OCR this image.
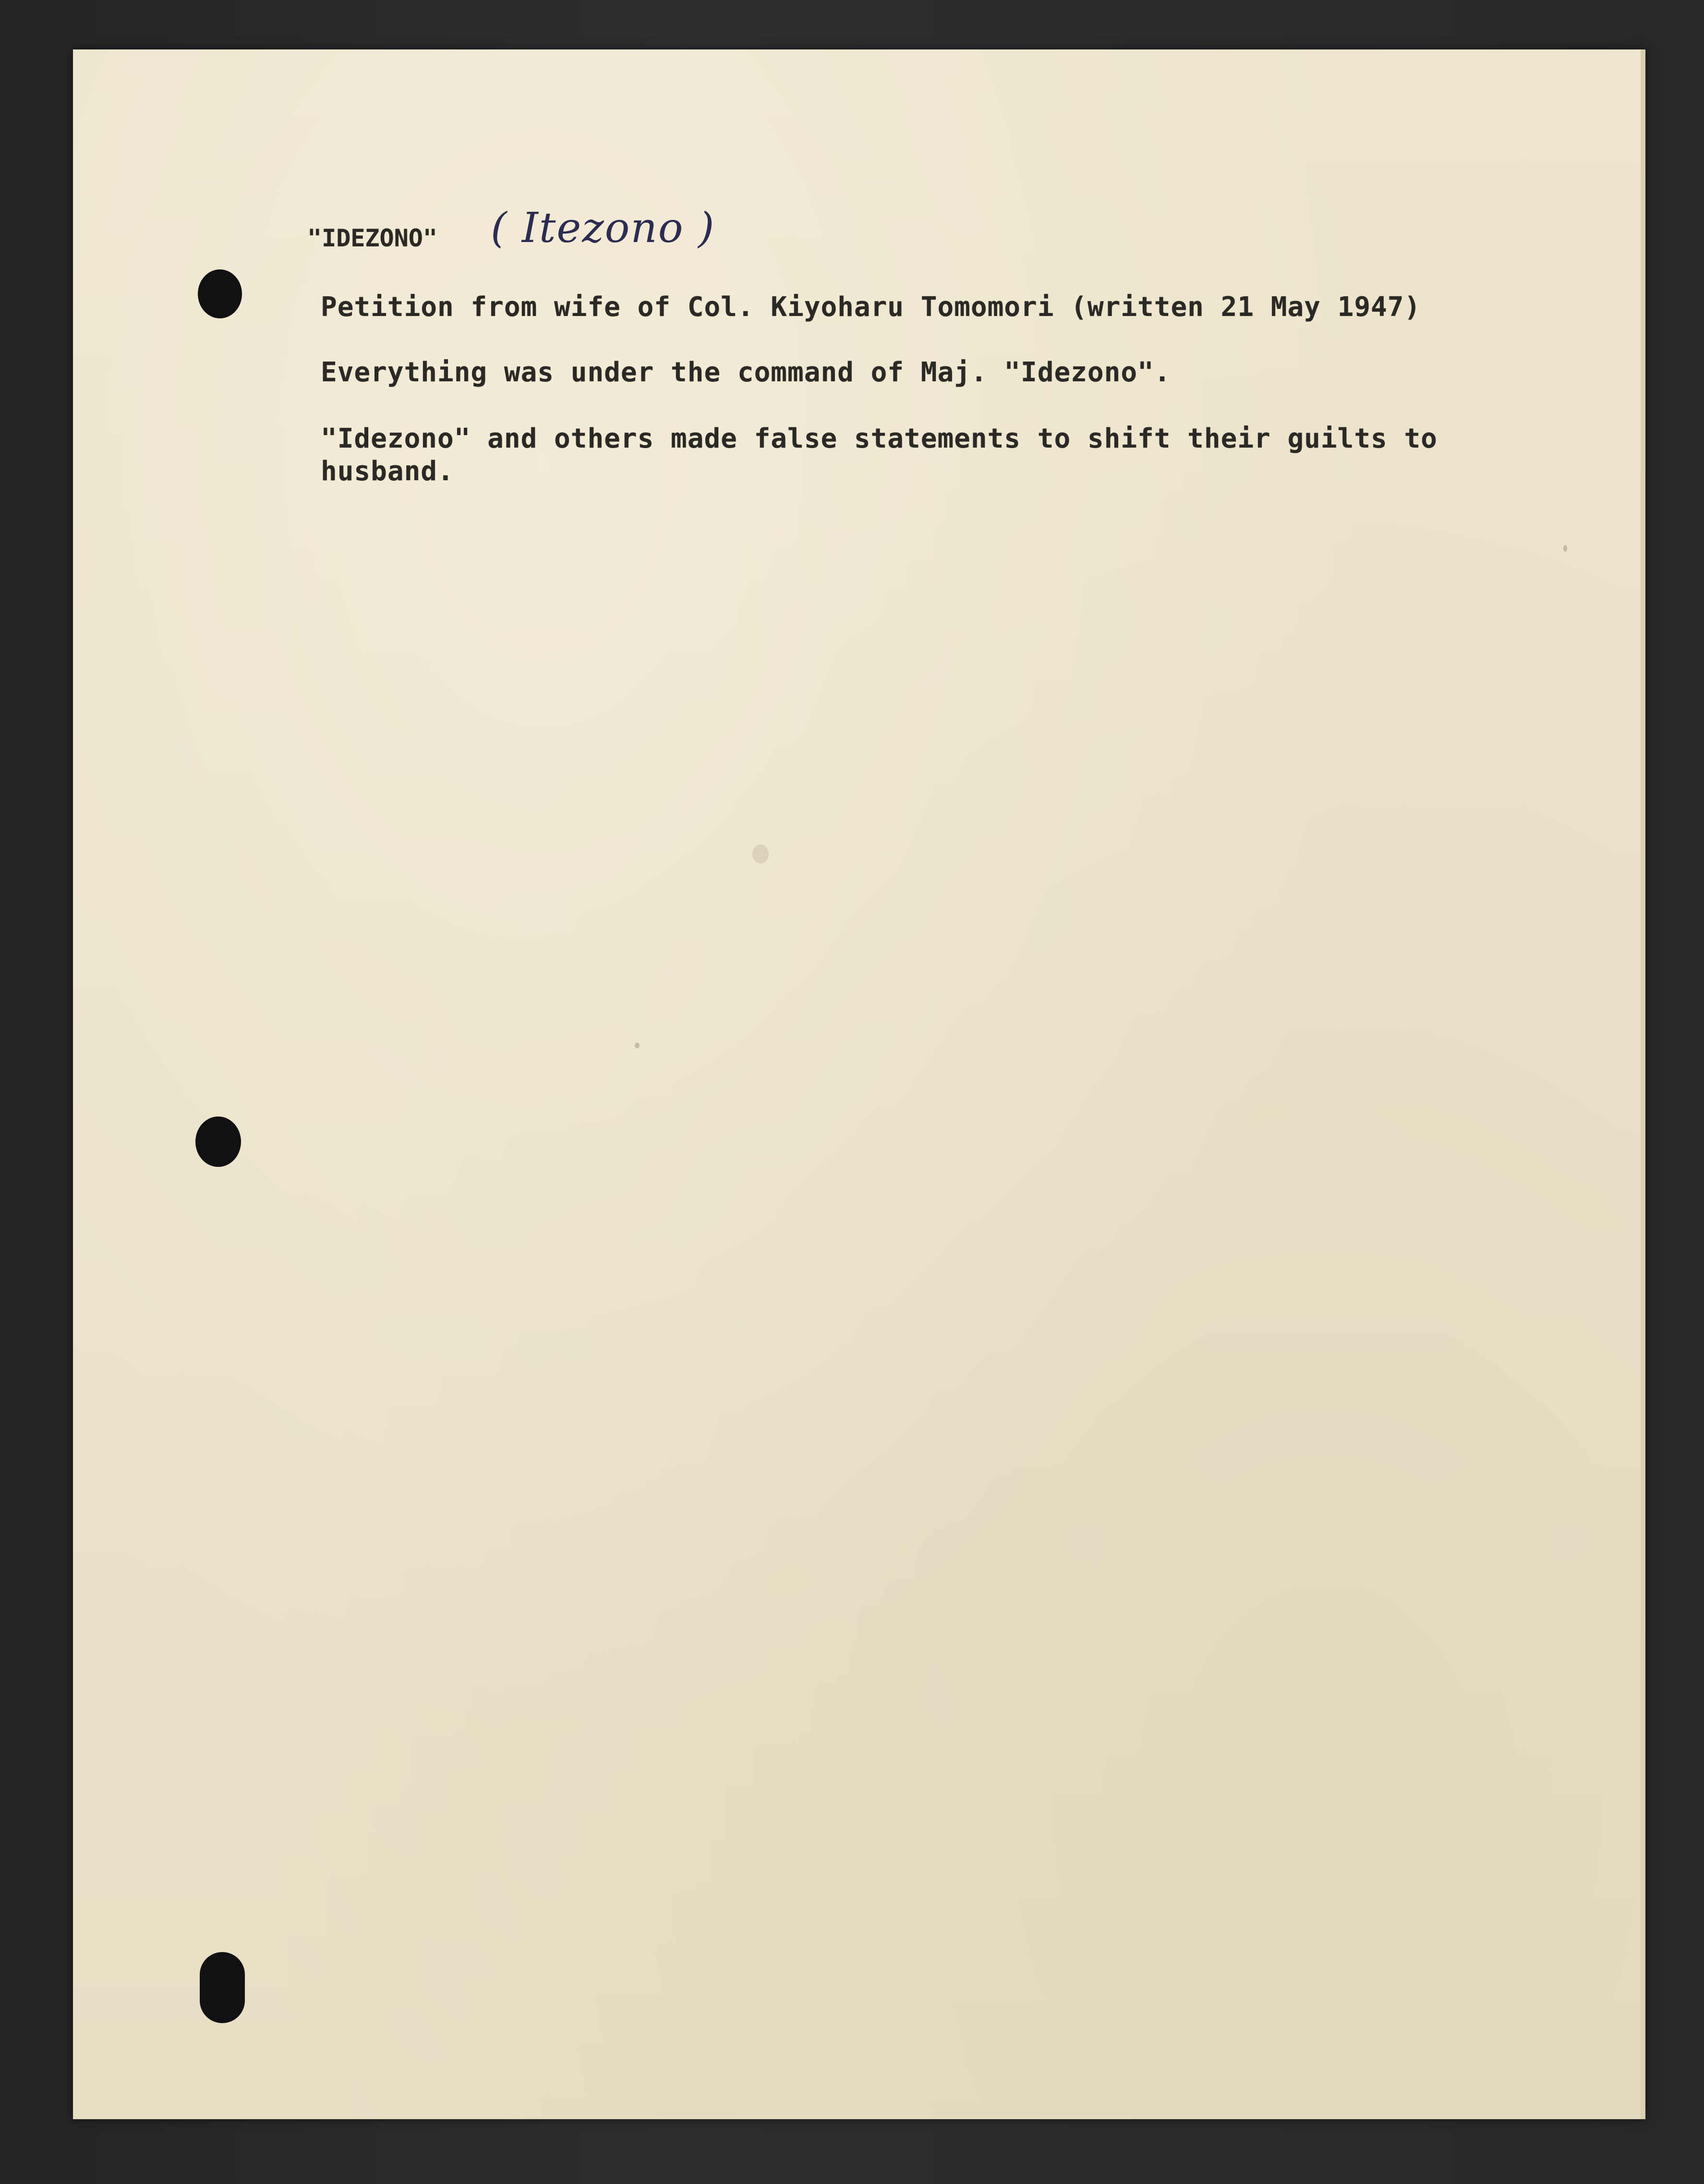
"IDEZONO" ( Itezono )
Petition from wife of Col. Kiyoharu Tomomori (written 21 May 1947)
Everything was under the command of Maj. "Idezono".
"Idezono" and others made false statements to shift their guilts to
husband.
